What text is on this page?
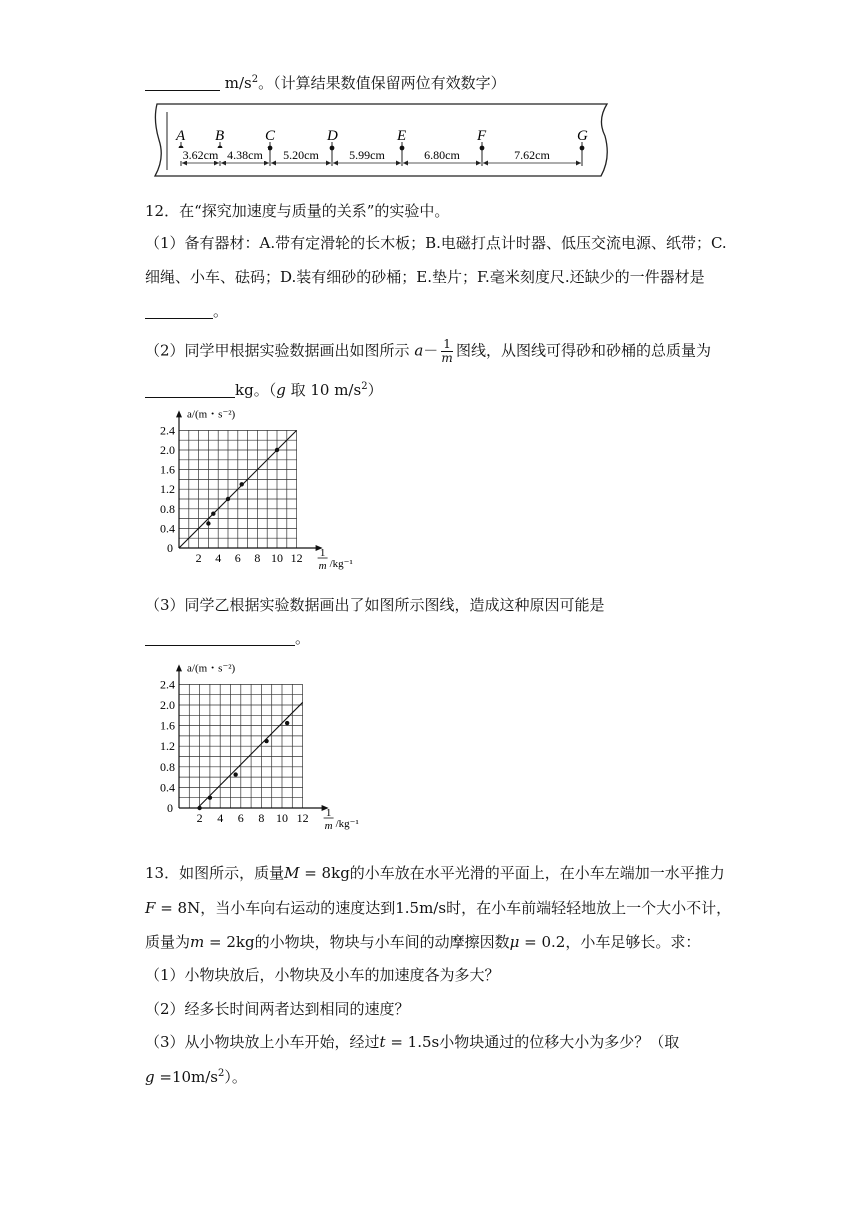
$m/s^2$。（计算结果数值保留两位有效数字）
A B	C	D	E	F	G
3.62cm 4.38cm 5.20cm	5.99cm	6.80cm	7.62cm
12．在“探究加速度与质量的关系”的实验中。
（1）备有器材：A.带有定滑轮的长木板；B.电磁打点计时器、低压交流电源、纸带；C.
细绳、小车、砝码；D.装有细砂的砂桶；E.垫片；F.毫米刻度尺.还缺少的一件器材是
。
（2）同学甲根据实验数据画出如图所示 $a- \frac{1}{m}$ 图线，从图线可得砂和砂桶的总质量为
kg。（g 取 10 $m/s^2$）
2 4 6 8 10 12
0.4
0.8
1.2
1.6
2.0
2.4
0
a/(m・s⁻²)
1
m /kg⁻¹
（3）同学乙根据实验数据画出了如图所示图线，造成这种原因可能是
。
2 4 6 8 10 12
0.4
0.8
1.2
1.6
2.0
2.4
0
a/(m・s⁻²)
1
m /kg⁻¹
13．如图所示，质量M = 8kg的小车放在水平光滑的平面上，在小车左端加一水平推力
F = 8N，当小车向右运动的速度达到1.5m/s时，在小车前端轻轻地放上一个大小不计，
质量为m = 2kg的小物块，物块与小车间的动摩擦因数μ = 0.2，小车足够长。求：
（1）小物块放后，小物块及小车的加速度各为多大？
（2）经多长时间两者达到相同的速度？
（3）从小物块放上小车开始，经过t = 1.5s小物块通过的位移大小为多少？（取
$g =10m/s^2$）。
